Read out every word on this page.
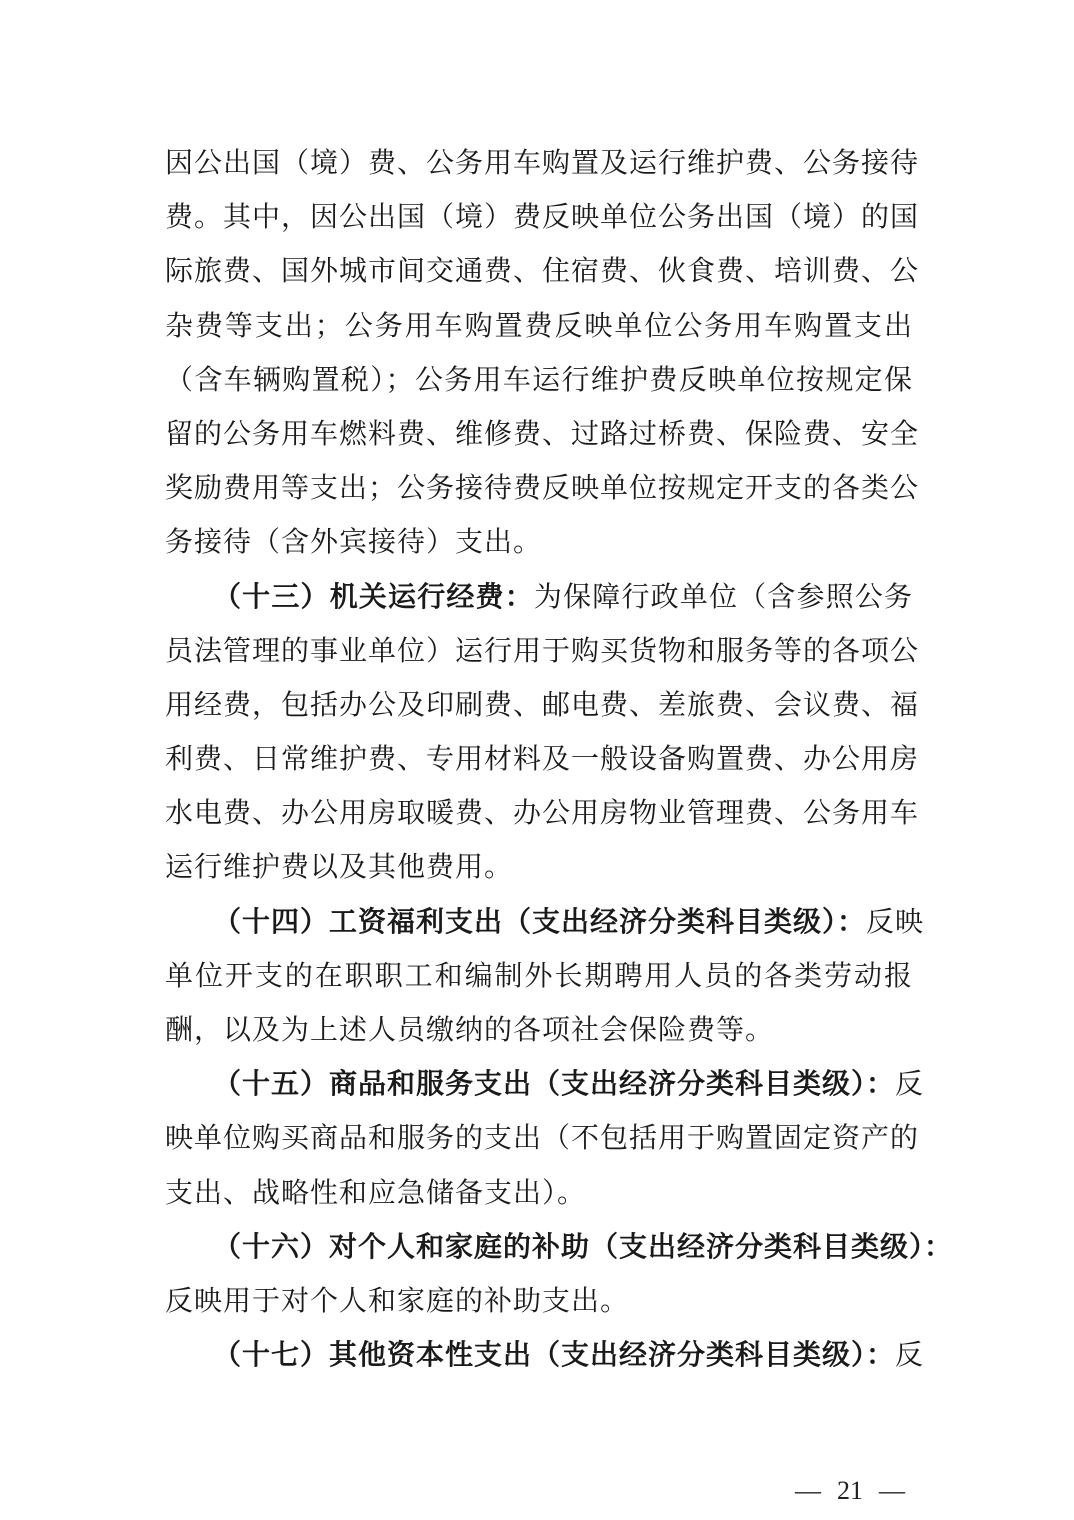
因公出国（境）费、公务用车购置及运行维护费、公务接待
费。其中，因公出国（境）费反映单位公务出国（境）的国
际旅费、国外城市间交通费、住宿费、伙食费、培训费、公
杂费等支出；公务用车购置费反映单位公务用车购置支出
（含车辆购置税）；公务用车运行维护费反映单位按规定保
留的公务用车燃料费、维修费、过路过桥费、保险费、安全
奖励费用等支出；公务接待费反映单位按规定开支的各类公
务接待（含外宾接待）支出。
（十三）机关运行经费：为保障行政单位（含参照公务
员法管理的事业单位）运行用于购买货物和服务等的各项公
用经费，包括办公及印刷费、邮电费、差旅费、会议费、福
利费、日常维护费、专用材料及一般设备购置费、办公用房
水电费、办公用房取暖费、办公用房物业管理费、公务用车
运行维护费以及其他费用。
（十四）工资福利支出（支出经济分类科目类级）：反映
单位开支的在职职工和编制外长期聘用人员的各类劳动报
酬，以及为上述人员缴纳的各项社会保险费等。
（十五）商品和服务支出（支出经济分类科目类级）：反
映单位购买商品和服务的支出（不包括用于购置固定资产的
支出、战略性和应急储备支出）。
（十六）对个人和家庭的补助（支出经济分类科目类级）：
反映用于对个人和家庭的补助支出。
（十七）其他资本性支出（支出经济分类科目类级）：反
— 21 —
